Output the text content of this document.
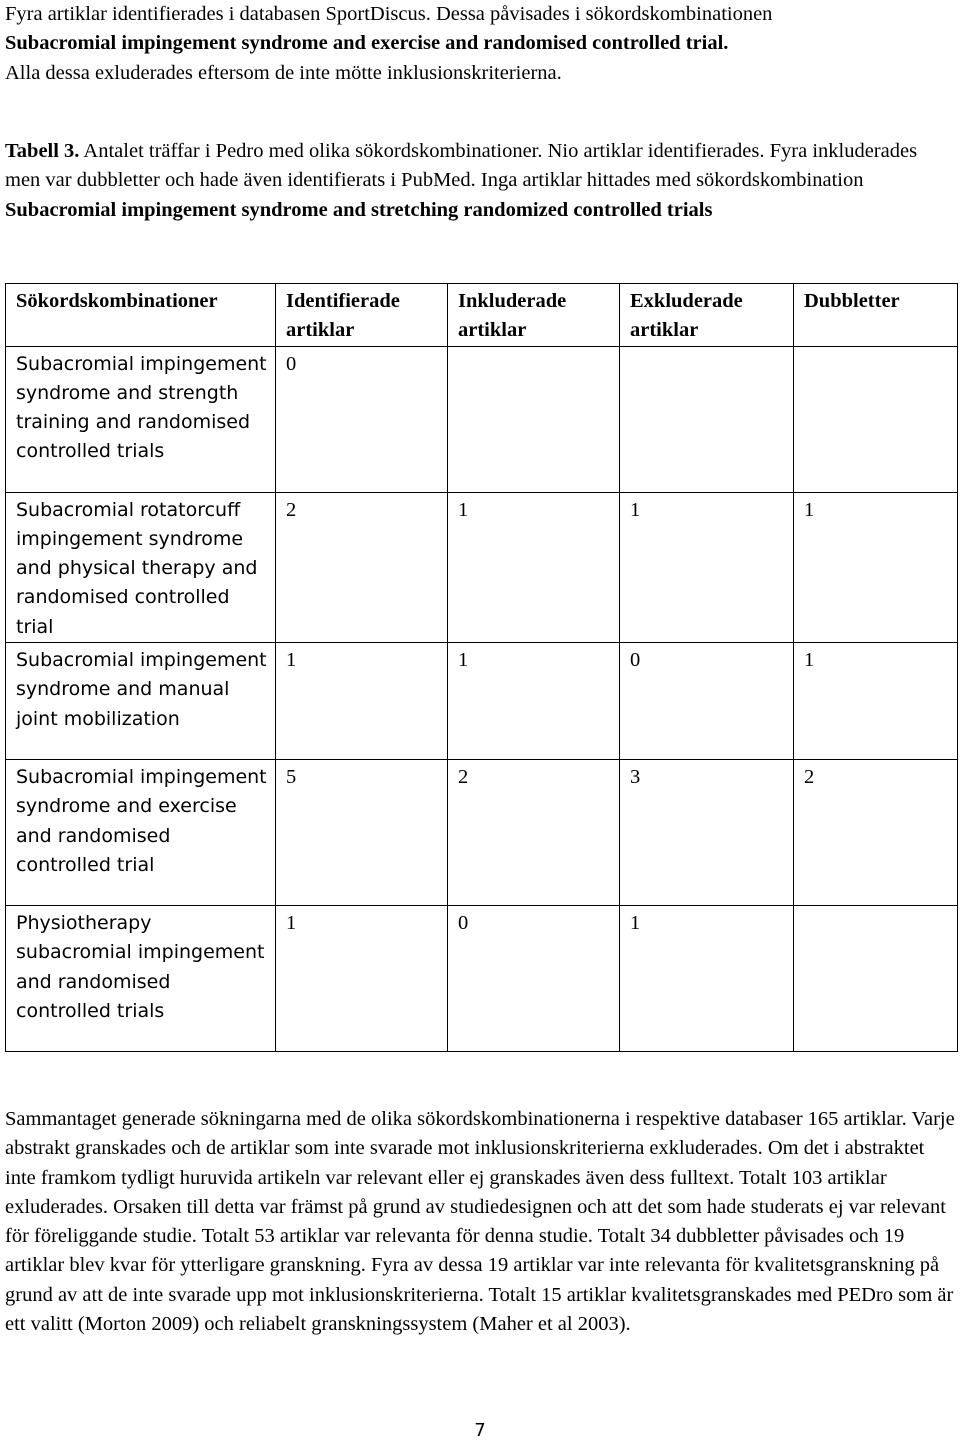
Fyra artiklar identifierades i databasen SportDiscus. Dessa påvisades i sökordskombinationen

Subacromial impingement syndrome and exercise and randomised controlled trial.

Alla dessa exluderades eftersom de inte mötte inklusionskriterierna.

Tabell 3. Antalet träffar i Pedro med olika sökordskombinationer. Nio artiklar identifierades. Fyra inkluderades men var dubbletter och hade även identifierats i PubMed. Inga artiklar hittades med sökordskombination Subacromial impingement syndrome and stretching randomized controlled trials

Sökordskombinationer	Identifierade artiklar	Inkluderade artiklar	Exkluderade artiklar	Dubbletter
Subacromial impingement syndrome and strength training and randomised controlled trials	0			
Subacromial rotatorcuff impingement syndrome and physical therapy and randomised controlled trial	2	1	1	1
Subacromial impingement syndrome and manual joint mobilization	1	1	0	1
Subacromial impingement syndrome and exercise and randomised controlled trial	5	2	3	2
Physiotherapy subacromial impingement and randomised controlled trials	1	0	1	

Sammantaget generade sökningarna med de olika sökordskombinationerna i respektive databaser 165 artiklar. Varje abstrakt granskades och de artiklar som inte svarade mot inklusionskriterierna exkluderades. Om det i abstraktet inte framkom tydligt huruvida artikeln var relevant eller ej granskades även dess fulltext. Totalt 103 artiklar exluderades. Orsaken till detta var främst på grund av studiedesignen och att det som hade studerats ej var relevant för föreliggande studie. Totalt 53 artiklar var relevanta för denna studie. Totalt 34 dubbletter påvisades och 19 artiklar blev kvar för ytterligare granskning. Fyra av dessa 19 artiklar var inte relevanta för kvalitetsgranskning på grund av att de inte svarade upp mot inklusionskriterierna. Totalt 15 artiklar kvalitetsgranskades med PEDro som är ett valitt (Morton 2009) och reliabelt granskningssystem (Maher et al 2003).

7
